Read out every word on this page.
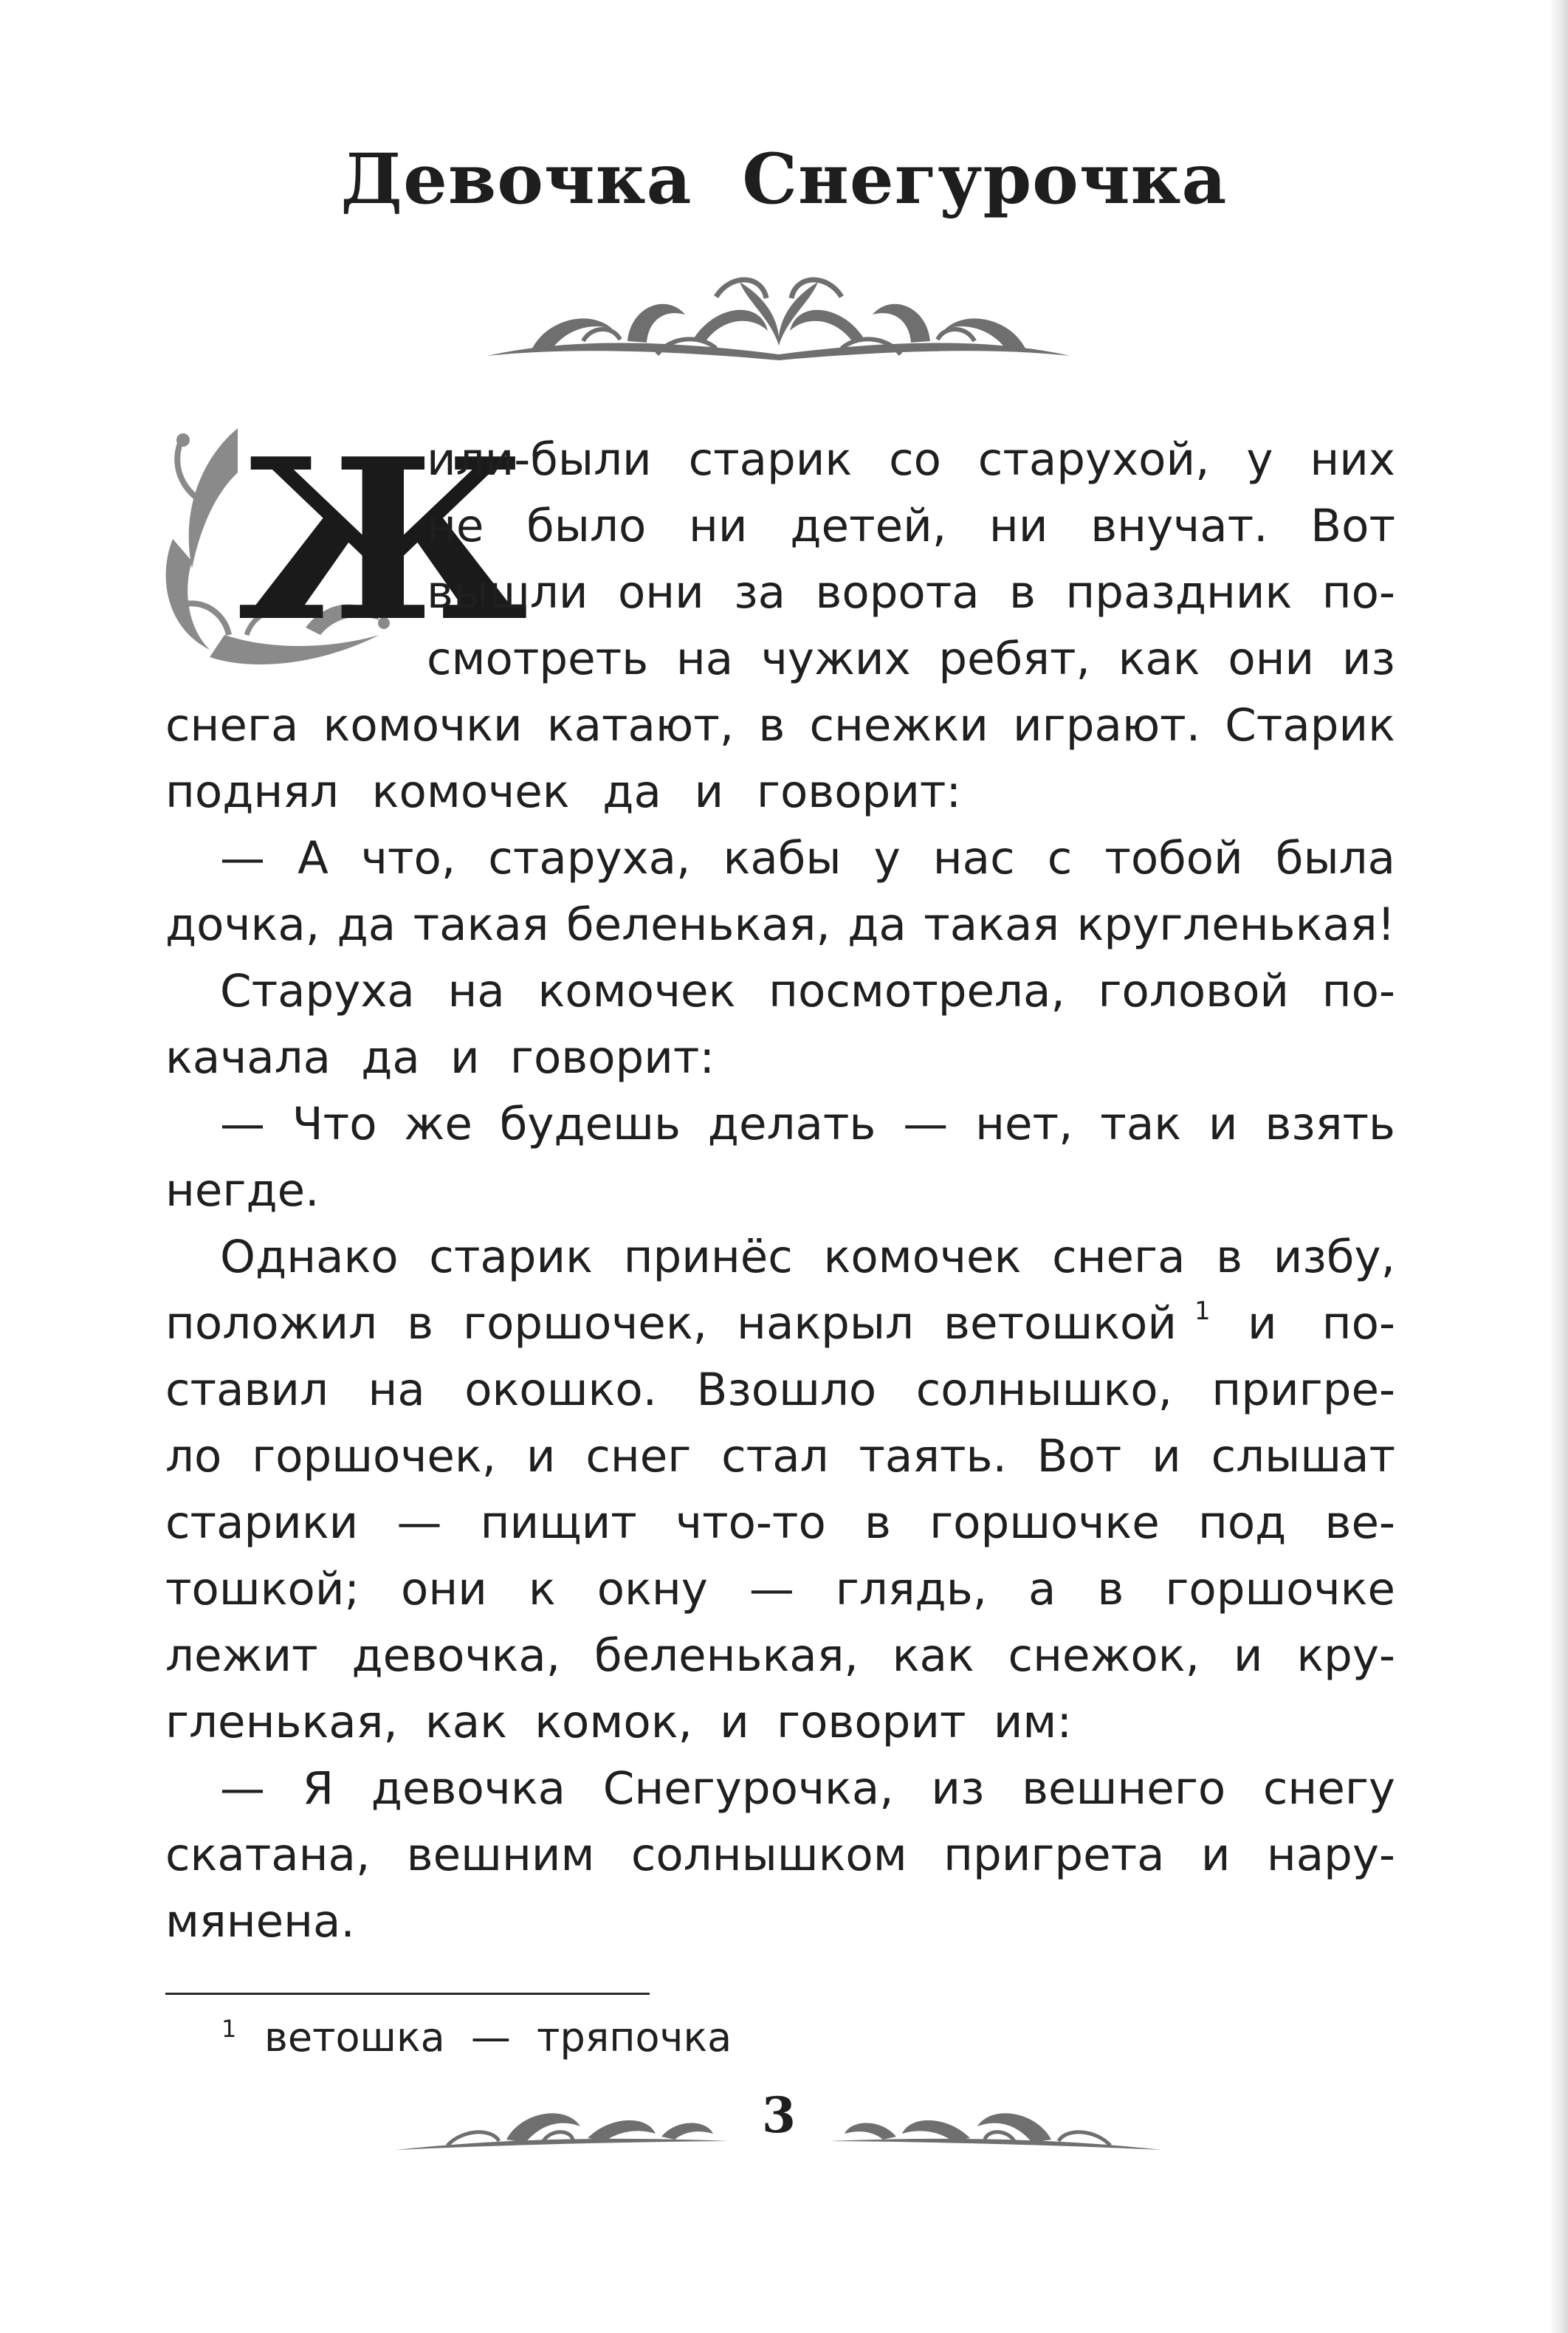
Девочка Снегурочка
Ж

или-были старик со старухой, у них

не было ни детей, ни внучат. Вот

вышли они за ворота в праздник по-

смотреть на чужих ребят, как они из

снега комочки катают, в снежки играют. Старик

поднял комочек да и говорит:

— А что, старуха, кабы у нас с тобой была

дочка, да такая беленькая, да такая кругленькая!

Старуха на комочек посмотрела, головой по-

качала да и говорит:

— Что же будешь делать — нет, так и взять

негде.

Однако старик принёс комочек снега в избу,

положил в горшочек, накрыл ветошкой $^1$ и по-

ставил на окошко. Взошло солнышко, пригре-

ло горшочек, и снег стал таять. Вот и слышат

старики — пищит что-то в горшочке под ве-

тошкой; они к окну — глядь, а в горшочке

лежит девочка, беленькая, как снежок, и кру-

гленькая, как комок, и говорит им:

— Я девочка Снегурочка, из вешнего снегу

скатана, вешним солнышком пригрета и нару-

мянена.

1 ветошка — тряпочка

3
